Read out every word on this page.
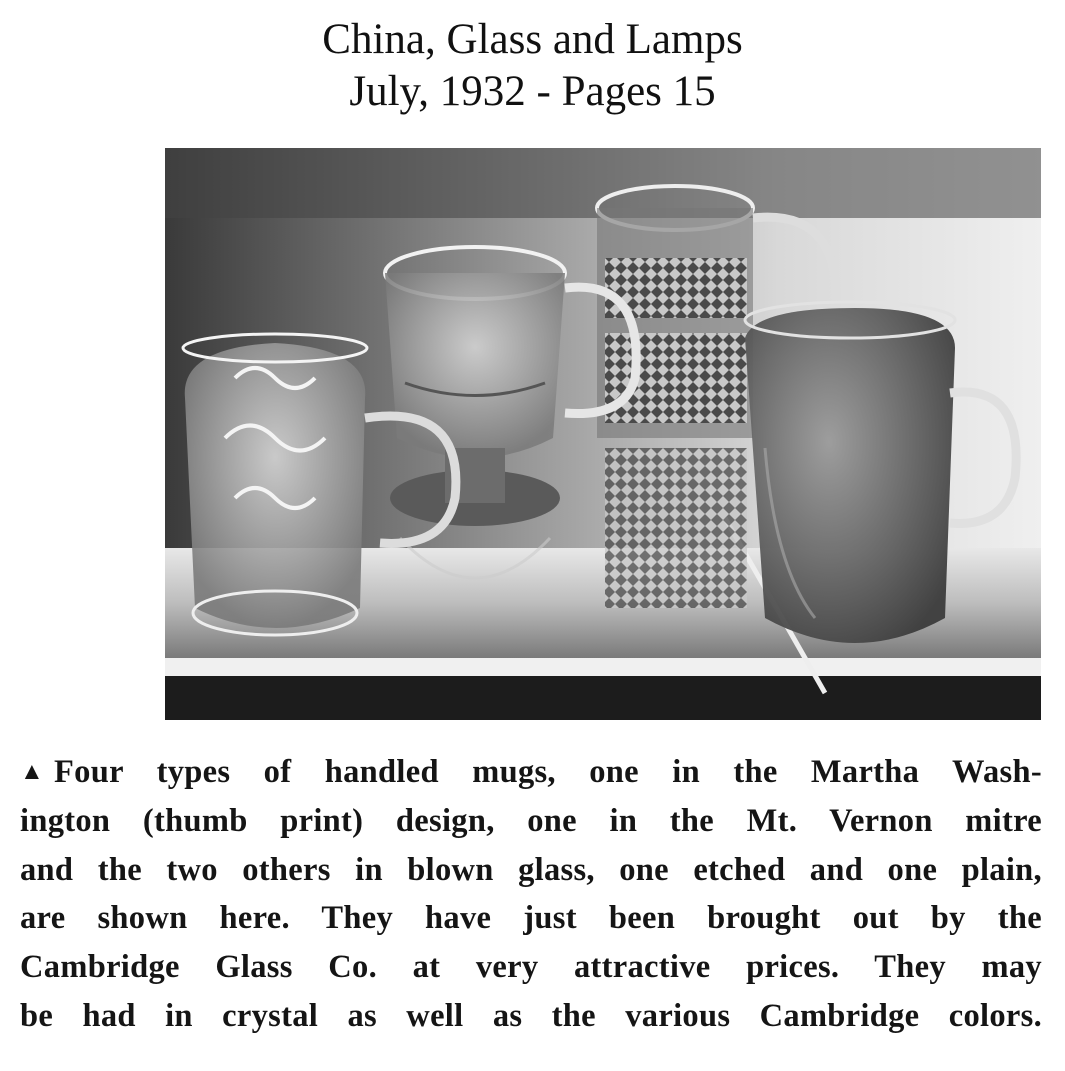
China, Glass and Lamps
July, 1932 - Pages 15
▲ Four types of handled mugs, one in the Martha Wash-
ington (thumb print) design, one in the Mt. Vernon mitre
and the two others in blown glass, one etched and one plain,
are shown here. They have just been brought out by the
Cambridge Glass Co. at very attractive prices. They may
be had in crystal as well as the various Cambridge colors.
